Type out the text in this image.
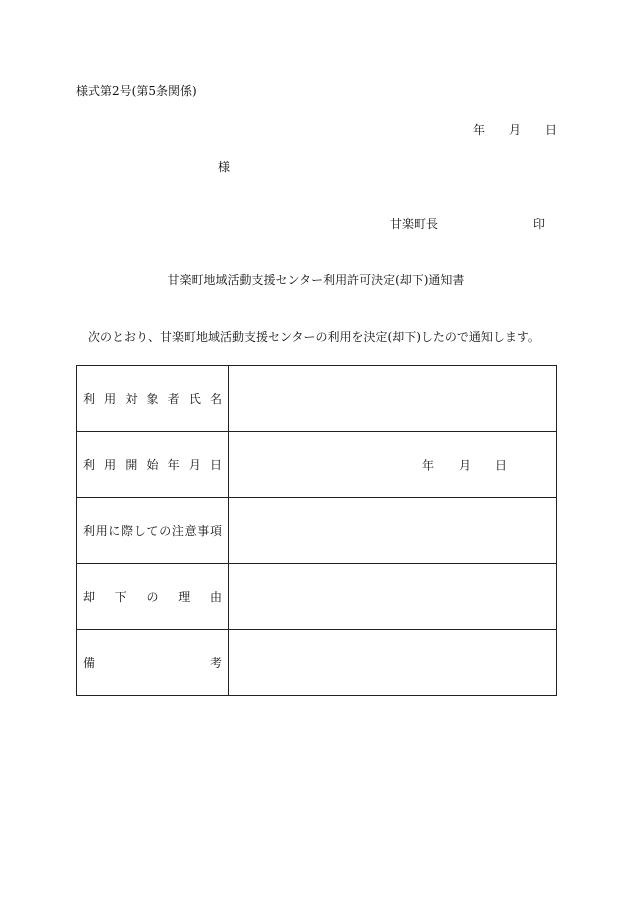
様式第2号(第5条関係)
年 月 日
様
甘楽町長	印
甘楽町地域活動支援センター利用許可決定(却下)通知書
次のとおり、甘楽町地域活動支援センターの利用を決定(却下)したので通知します。
利用対象者氏名	

利用開始年月日	年 月 日

利用に際しての注意事項	

却下の理由	

備考	
